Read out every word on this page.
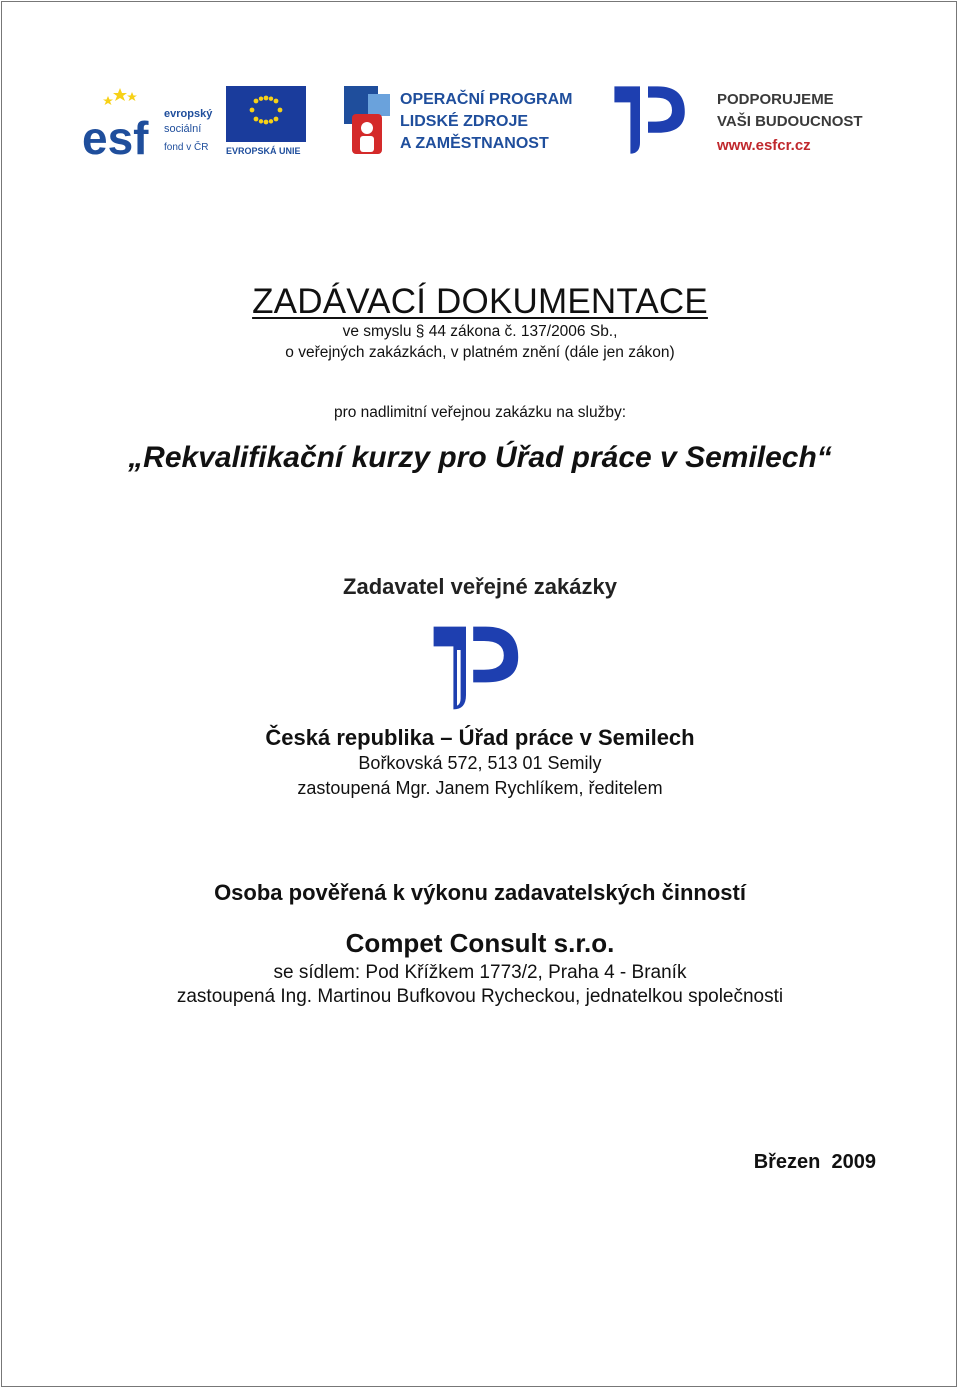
esf evropský
sociální
fond v ČR EVROPSKÁ UNIE
OPERAČNÍ PROGRAM
LIDSKÉ ZDROJE
A ZAMĚSTNANOST
PODPORUJEME
VAŠI BUDOUCNOST
www.esfcr.cz
ZADÁVACÍ DOKUMENTACE
ve smyslu § 44 zákona č. 137/2006 Sb.,
o veřejných zakázkách, v platném znění (dále jen zákon)
pro nadlimitní veřejnou zakázku na služby:
„Rekvalifikační kurzy pro Úřad práce v Semilech“
Zadavatel veřejné zakázky
Česká republika – Úřad práce v Semilech
Bořkovská 572, 513 01 Semily
zastoupená Mgr. Janem Rychlíkem, ředitelem
Osoba pověřená k výkonu zadavatelských činností
Compet Consult s.r.o.
se sídlem: Pod Křížkem 1773/2, Praha 4 - Braník
zastoupená Ing. Martinou Bufkovou Rycheckou, jednatelkou společnosti
Březen  2009
